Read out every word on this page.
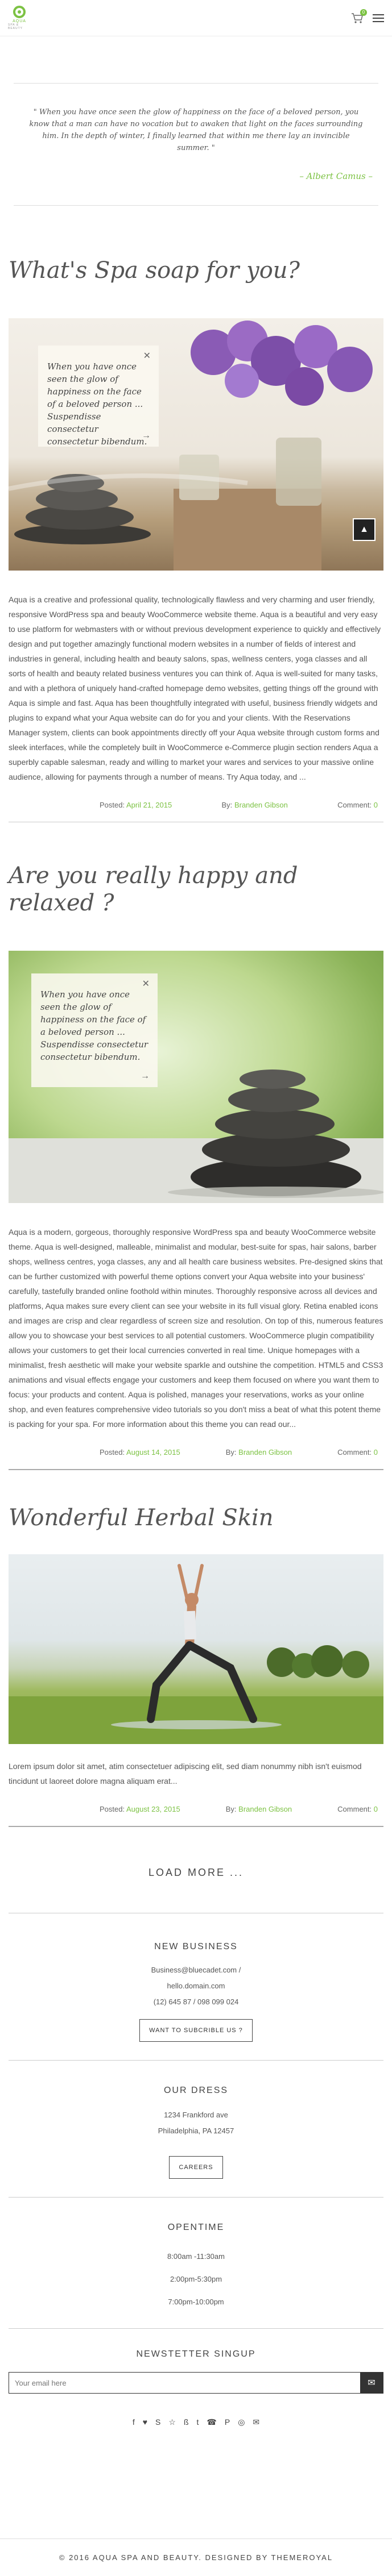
AQUA
SPA & BEAUTY
0

" When you have once seen the glow of happiness on the face of a beloved person, you know that a man can have no vocation but to awaken that light on the faces surrounding him. In the depth of winter, I finally learned that within me there lay an invincible summer. "

– Albert Camus –

What's Spa soap for you?
✕

When you have once seen the glow of happiness on the face of a beloved person ... Suspendisse consectetur consectetur bibendum.

→
▲

Aqua is a creative and professional quality, technologically flawless and very charming and user friendly, responsive WordPress spa and beauty WooCommerce website theme. Aqua is a beautiful and very easy to use platform for webmasters with or without previous development experience to quickly and effectively design and put together amazingly functional modern websites in a number of fields of interest and industries in general, including health and beauty salons, spas, wellness centers, yoga classes and all sorts of health and beauty related business ventures you can think of. Aqua is well-suited for many tasks, and with a plethora of uniquely hand-crafted homepage demo websites, getting things off the ground with Aqua is simple and fast. Aqua has been thoughtfully integrated with useful, business friendly widgets and plugins to expand what your Aqua website can do for you and your clients. With the Reservations Manager system, clients can book appointments directly off your Aqua website through custom forms and sleek interfaces, while the completely built in WooCommerce e-Commerce plugin section renders Aqua a superbly capable salesman, ready and willing to market your wares and services to your massive online audience, allowing for payments through a number of means. Try Aqua today, and ...

Posted: April 21, 2015	By: Branden Gibson	Comment: 0
Are you really happy and relaxed ?
✕

When you have once seen the glow of happiness on the face of a beloved person ... Suspendisse consectetur consectetur bibendum.

→

Aqua is a modern, gorgeous, thoroughly responsive WordPress spa and beauty WooCommerce website theme. Aqua is well-designed, malleable, minimalist and modular, best-suite for spas, hair salons, barber shops, wellness centres, yoga classes, any and all health care business websites. Pre-designed skins that can be further customized with powerful theme options convert your Aqua website into your business' carefully, tastefully branded online foothold within minutes. Thoroughly responsive across all devices and platforms, Aqua makes sure every client can see your website in its full visual glory. Retina enabled icons and images are crisp and clear regardless of screen size and resolution. On top of this, numerous features allow you to showcase your best services to all potential customers. WooCommerce plugin compatibility allows your customers to get their local currencies converted in real time. Unique homepages with a minimalist, fresh aesthetic will make your website sparkle and outshine the competition. HTML5 and CSS3 animations and visual effects engage your customers and keep them focused on where you want them to focus: your products and content. Aqua is polished, manages your reservations, works as your online shop, and even features comprehensive video tutorials so you don't miss a beat of what this potent theme is packing for your spa. For more information about this theme you can read our...

Posted: August 14, 2015	By: Branden Gibson	Comment: 0
Wonderful Herbal Skin

Lorem ipsum dolor sit amet, atim consectetuer adipiscing elit, sed diam nonummy nibh isn't euismod tincidunt ut laoreet dolore magna aliquam erat...

Posted: August 23, 2015	By: Branden Gibson	Comment: 0
LOAD MORE ...
NEW BUSINESS
Business@bluecadet.com /
hello.domain.com
(12) 645 87 / 098 099 024
WANT TO SUBCRIBLE US ?
OUR DRESS
1234 Frankford ave
Philadelphia, PA 12457
CAREERS
OPENTIME
8:00am -11:30am
2:00pm-5:30pm
7:00pm-10:00pm
NEWSTETTER SINGUP
Your email here
✉
f ♥ S ☆ ß t ☎ P ◎ ✉
© 2016 AQUA SPA AND BEAUTY. DESIGNED BY THEMEROYAL
